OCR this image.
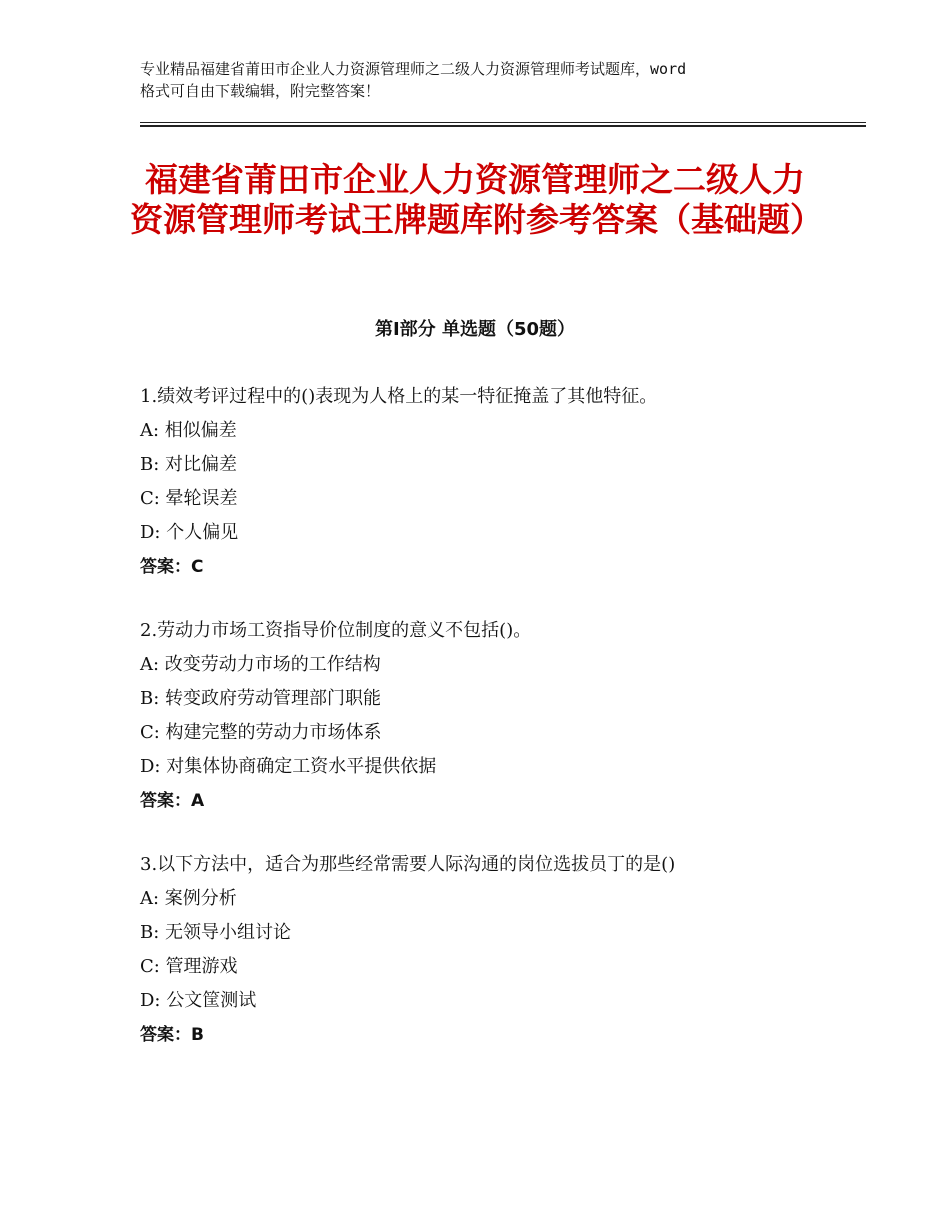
专业精品福建省莆田市企业人力资源管理师之二级人力资源管理师考试题库，word
格式可自由下载编辑，附完整答案！
福建省莆田市企业人力资源管理师之二级人力资源管理师考试王牌题库附参考答案（基础题）
第Ⅰ部分 单选题（50题）
1.绩效考评过程中的()表现为人格上的某一特征掩盖了其他特征。
A: 相似偏差
B: 对比偏差
C: 晕轮误差
D: 个人偏见
答案：C
2.劳动力市场工资指导价位制度的意义不包括()。
A: 改变劳动力市场的工作结构
B: 转变政府劳动管理部门职能
C: 构建完整的劳动力市场体系
D: 对集体协商确定工资水平提供依据
答案：A
3.以下方法中，适合为那些经常需要人际沟通的岗位选拔员丁的是()
A: 案例分析
B: 无领导小组讨论
C: 管理游戏
D: 公文筐测试
答案：B
